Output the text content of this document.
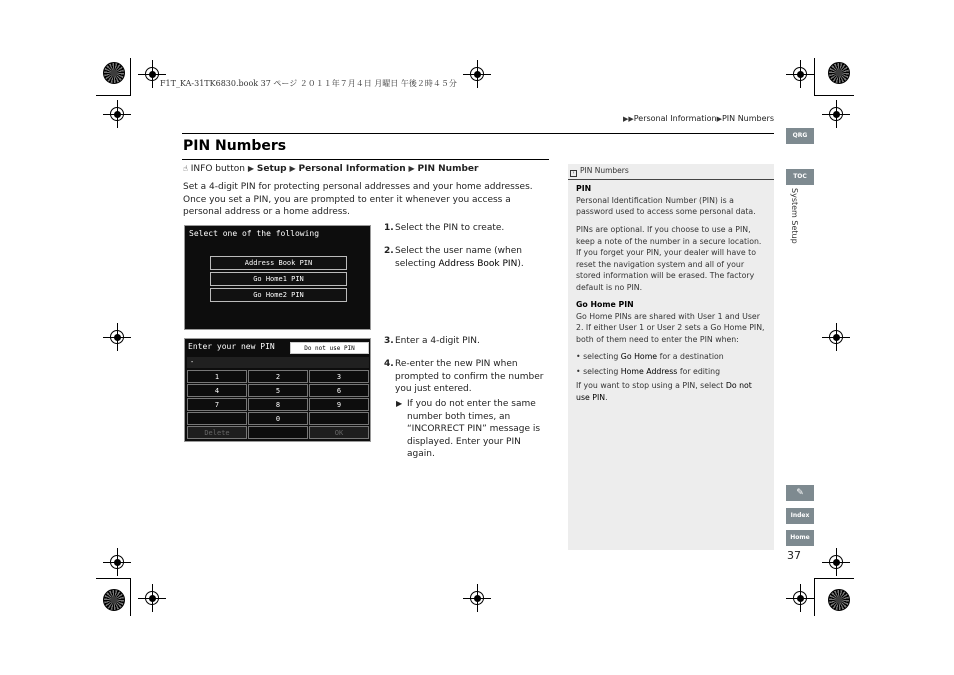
F1T_KA-31TK6830.book 37 ページ ２０１１年７月４日 月曜日 午後２時４５分
▶▶Personal Information▶PIN Numbers
QRG
TOC
System Setup
✎
Index
Home
37
PIN Numbers
☝ INFO button ▶ Setup ▶ Personal Information ▶ PIN Number
Set a 4-digit PIN for protecting personal addresses and your home addresses. Once you set a PIN, you are prompted to enter it whenever you access a personal address or a home address.
Select one of the following
Address Book PIN
Go Home1 PIN
Go Home2 PIN
Enter your new PIN	Do not use PIN
-
1	2	3
4	5	6
7	8	9
0
Delete	OK
1. Select the PIN to create.
2. Select the user name (when selecting Address Book PIN).
3. Enter a 4-digit PIN.
4. Re-enter the new PIN when prompted to confirm the number you just entered.
▶ If you do not enter the same number both times, an “INCORRECT PIN” message is displayed. Enter your PIN again.
› PIN Numbers
PIN
Personal Identification Number (PIN) is a password used to access some personal data.
PINs are optional. If you choose to use a PIN, keep a note of the number in a secure location. If you forget your PIN, your dealer will have to reset the navigation system and all of your stored information will be erased. The factory default is no PIN.
Go Home PIN
Go Home PINs are shared with User 1 and User 2. If either User 1 or User 2 sets a Go Home PIN, both of them need to enter the PIN when:
• selecting Go Home for a destination
• selecting Home Address for editing
If you want to stop using a PIN, select Do not use PIN.
